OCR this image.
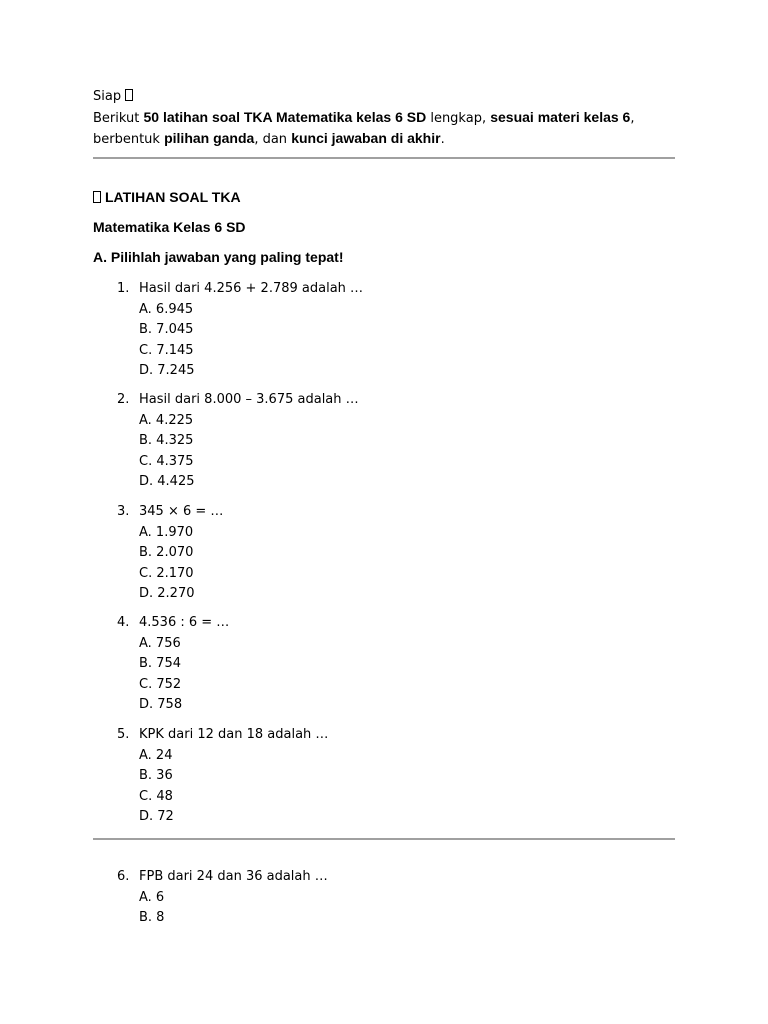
Siap
Berikut 50 latihan soal TKA Matematika kelas 6 SD lengkap, sesuai materi kelas 6,
berbentuk pilihan ganda, dan kunci jawaban di akhir.
LATIHAN SOAL TKA
Matematika Kelas 6 SD
A. Pilihlah jawaban yang paling tepat!
1. Hasil dari 4.256 + 2.789 adalah …
A. 6.945
B. 7.045
C. 7.145
D. 7.245
2. Hasil dari 8.000 – 3.675 adalah …
A. 4.225
B. 4.325
C. 4.375
D. 4.425
3. 345 × 6 = …
A. 1.970
B. 2.070
C. 2.170
D. 2.270
4. 4.536 : 6 = …
A. 756
B. 754
C. 752
D. 758
5. KPK dari 12 dan 18 adalah …
A. 24
B. 36
C. 48
D. 72
6. FPB dari 24 dan 36 adalah …
A. 6
B. 8
